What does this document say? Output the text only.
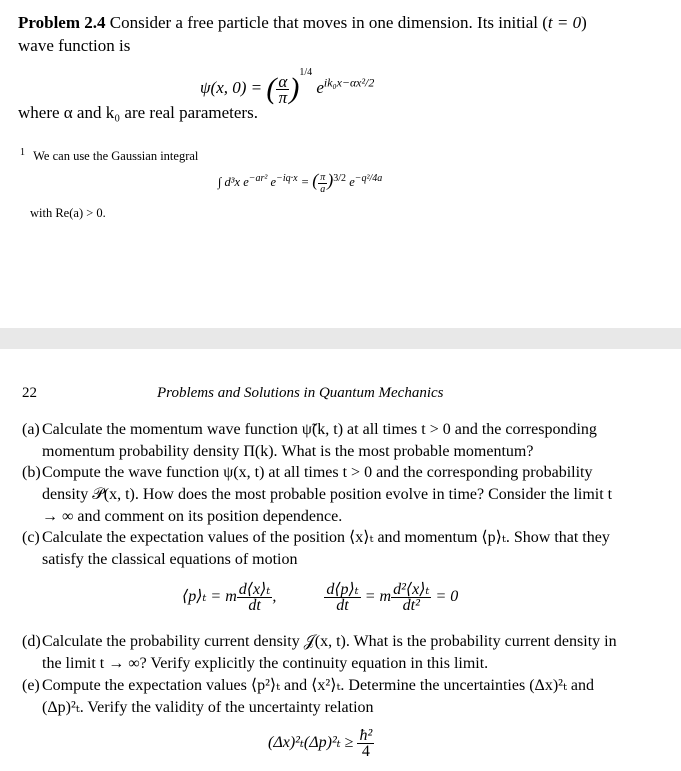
Problem 2.4 Consider a free particle that moves in one dimension. Its initial (t = 0)
wave function is
ψ(x, 0) = ( $\frac{\alpha}{\pi} )^{1/4}$ $e^{ik_0x-\alpha x^2/2}$
where α and k₀ are real parameters.
$^1$ We can use the Gaussian integral
∫ d³x $e^{-ar^2}$ $e^{-iq\cdot x}$ = ( $\frac{\pi}{a} )^{3/2}$ $e^{-q^2/4a}$
with Re(a) > 0.
22	Problems and Solutions in Quantum Mechanics
(a) Calculate the momentum wave function ψ̃(k, t) at all times t > 0 and the corresponding momentum probability density Π(k). What is the most probable momentum?
(b) Compute the wave function ψ(x, t) at all times t > 0 and the corresponding probability density 𝒫(x, t). How does the most probable position evolve in time? Consider the limit t → ∞ and comment on its position dependence.
(c) Calculate the expectation values of the position ⟨x⟩ₜ and momentum ⟨p⟩ₜ. Show that they satisfy the classical equations of motion
⟨p⟩ₜ = m $\frac{\text{d⟨x⟩ₜ}}{dt}$ ,	$\frac{\text{d⟨p⟩ₜ}}{dt} = m \frac{\text{d²⟨x⟩ₜ}}{\text{dt²}} = 0$
(d) Calculate the probability current density 𝒥(x, t). What is the probability current density in the limit t → ∞? Verify explicitly the continuity equation in this limit.
(e) Compute the expectation values ⟨p²⟩ₜ and ⟨x²⟩ₜ. Determine the uncertainties (Δx)²ₜ and (Δp)²ₜ. Verify the validity of the uncertainty relation
$(\Delta x)^2_t(\Delta p)^2_t \ge \frac{\text{ħ²}}{4}$
